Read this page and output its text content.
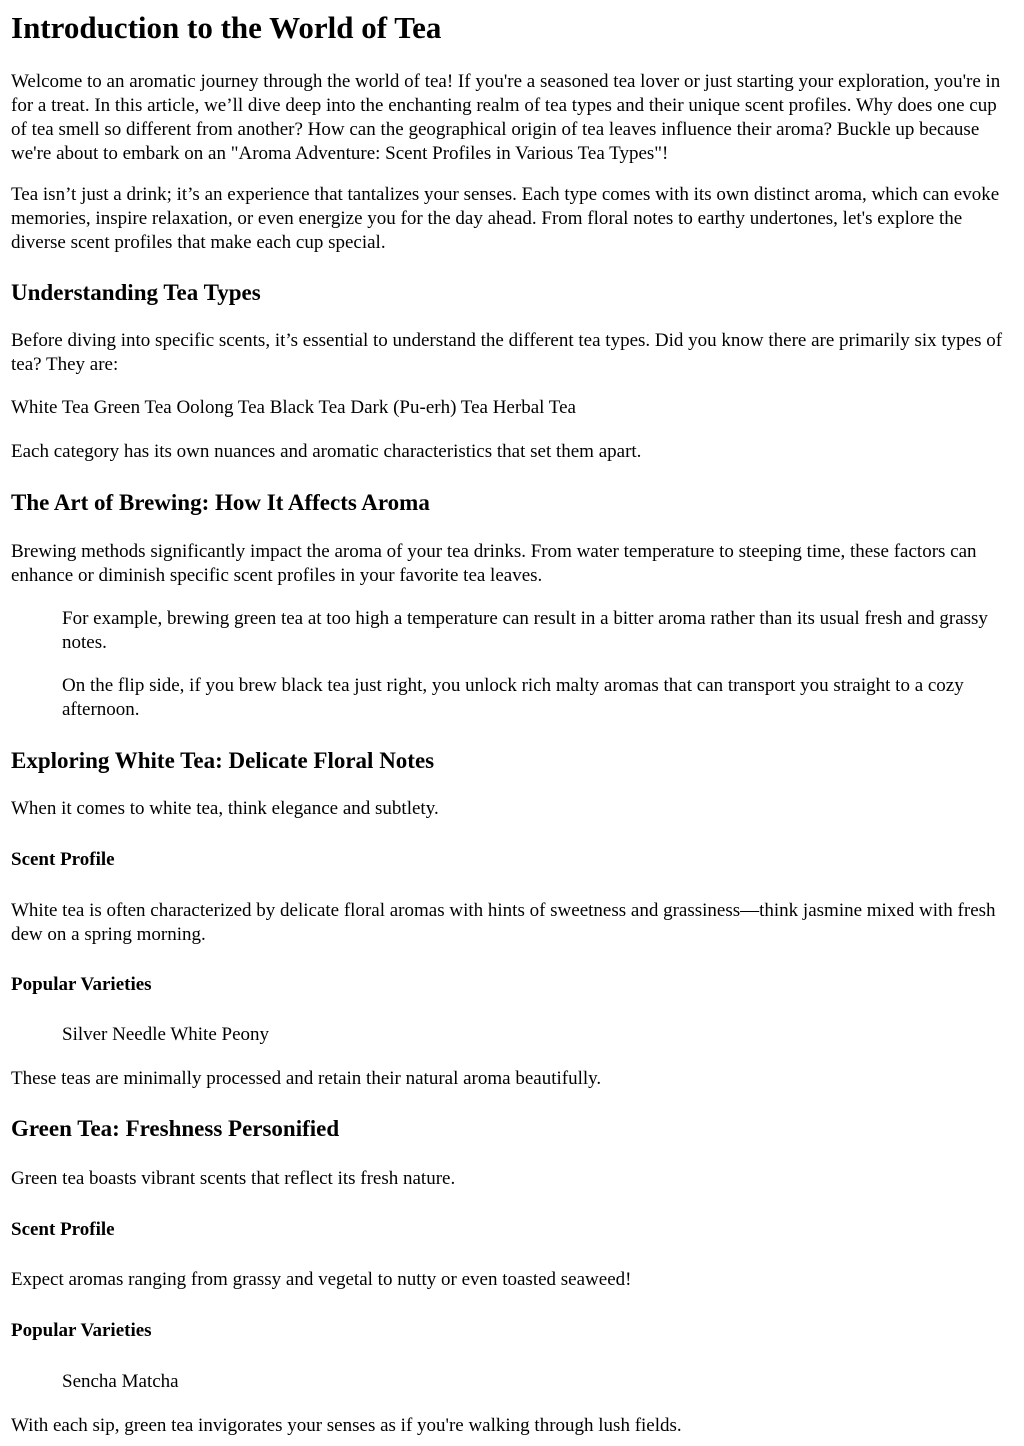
Introduction to the World of Tea

Welcome to an aromatic journey through the world of tea! If you're a seasoned tea lover or just starting your exploration, you're in for a treat. In this article, we’ll dive deep into the enchanting realm of tea types and their unique scent profiles. Why does one cup of tea smell so different from another? How can the geographical origin of tea leaves influence their aroma? Buckle up because we're about to embark on an "Aroma Adventure: Scent Profiles in Various Tea Types"!

Tea isn’t just a drink; it’s an experience that tantalizes your senses. Each type comes with its own distinct aroma, which can evoke memories, inspire relaxation, or even energize you for the day ahead. From floral notes to earthy undertones, let's explore the diverse scent profiles that make each cup special.

Understanding Tea Types

Before diving into specific scents, it’s essential to understand the different tea types. Did you know there are primarily six types of tea? They are:

White Tea Green Tea Oolong Tea Black Tea Dark (Pu-erh) Tea Herbal Tea

Each category has its own nuances and aromatic characteristics that set them apart.

The Art of Brewing: How It Affects Aroma

Brewing methods significantly impact the aroma of your tea drinks. From water temperature to steeping time, these factors can enhance or diminish specific scent profiles in your favorite tea leaves.

For example, brewing green tea at too high a temperature can result in a bitter aroma rather than its usual fresh and grassy notes.

On the flip side, if you brew black tea just right, you unlock rich malty aromas that can transport you straight to a cozy afternoon.

Exploring White Tea: Delicate Floral Notes

When it comes to white tea, think elegance and subtlety.

Scent Profile

White tea is often characterized by delicate floral aromas with hints of sweetness and grassiness—think jasmine mixed with fresh dew on a spring morning.

Popular Varieties

Silver Needle White Peony

These teas are minimally processed and retain their natural aroma beautifully.

Green Tea: Freshness Personified

Green tea boasts vibrant scents that reflect its fresh nature.

Scent Profile

Expect aromas ranging from grassy and vegetal to nutty or even toasted seaweed!

Popular Varieties

Sencha Matcha

With each sip, green tea invigorates your senses as if you're walking through lush fields.
